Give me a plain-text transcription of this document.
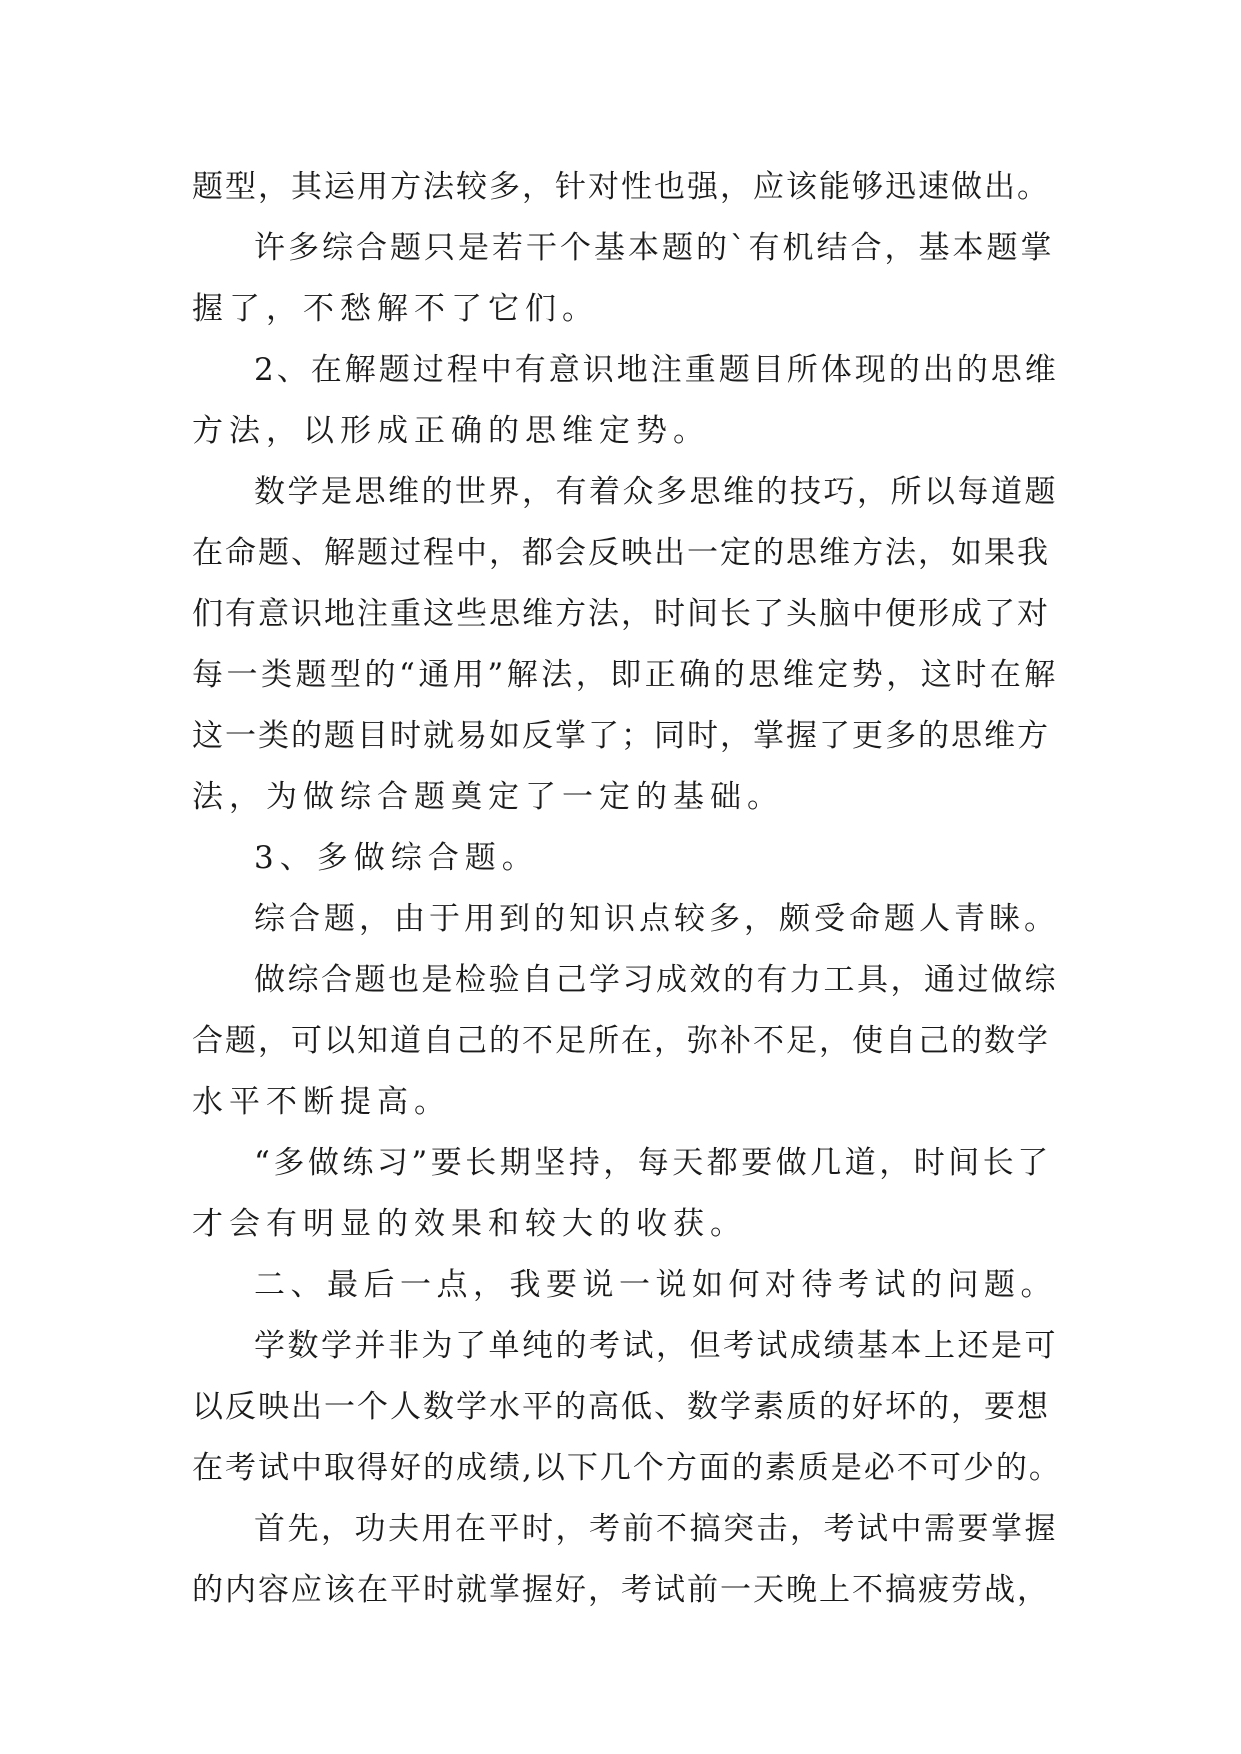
题型，其运用方法较多，针对性也强，应该能够迅速做出。
许多综合题只是若干个基本题的`有机结合，基本题掌
握了，不愁解不了它们。
2、在解题过程中有意识地注重题目所体现的出的思维
方法，以形成正确的思维定势。
数学是思维的世界，有着众多思维的技巧，所以每道题
在命题、解题过程中，都会反映出一定的思维方法，如果我
们有意识地注重这些思维方法，时间长了头脑中便形成了对
每一类题型的“通用”解法，即正确的思维定势，这时在解
这一类的题目时就易如反掌了；同时，掌握了更多的思维方
法，为做综合题奠定了一定的基础。
3、多做综合题。
综合题，由于用到的知识点较多，颇受命题人青睐。
做综合题也是检验自己学习成效的有力工具，通过做综
合题，可以知道自己的不足所在，弥补不足，使自己的数学
水平不断提高。
“多做练习”要长期坚持，每天都要做几道，时间长了
才会有明显的效果和较大的收获。
二、最后一点，我要说一说如何对待考试的问题。
学数学并非为了单纯的考试，但考试成绩基本上还是可
以反映出一个人数学水平的高低、数学素质的好坏的，要想
在考试中取得好的成绩,以下几个方面的素质是必不可少的。
首先，功夫用在平时，考前不搞突击，考试中需要掌握
的内容应该在平时就掌握好，考试前一天晚上不搞疲劳战，
